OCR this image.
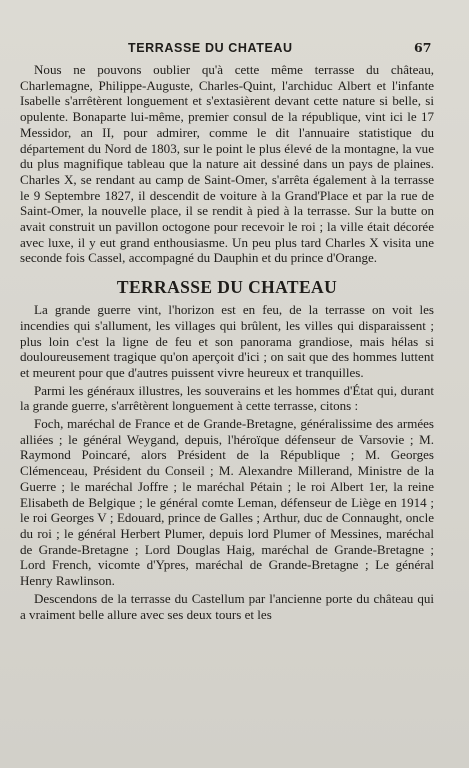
TERRASSE DU CHATEAU	67

Nous ne pouvons oublier qu'à cette même terrasse du château, Charlemagne, Philippe-Auguste, Charles-Quint, l'archiduc Albert et l'infante Isabelle s'arrêtèrent longuement et s'extasièrent devant cette nature si belle, si opulente. Bonaparte lui-même, premier consul de la république, vint ici le 17 Messidor, an II, pour admirer, comme le dit l'annuaire statistique du département du Nord de 1803, sur le point le plus élevé de la montagne, la vue du plus magnifique tableau que la nature ait dessiné dans un pays de plaines. Charles X, se rendant au camp de Saint-Omer, s'arrêta également à la terrasse le 9 Septembre 1827, il descendit de voiture à la Grand'Place et par la rue de Saint-Omer, la nouvelle place, il se rendit à pied à la terrasse. Sur la butte on avait construit un pavillon octogone pour recevoir le roi ; la ville était décorée avec luxe, il y eut grand enthousiasme. Un peu plus tard Charles X visita une seconde fois Cassel, accompagné du Dauphin et du prince d'Orange.

TERRASSE DU CHATEAU

La grande guerre vint, l'horizon est en feu, de la terrasse on voit les incendies qui s'allument, les villages qui brûlent, les villes qui disparaissent ; plus loin c'est la ligne de feu et son panorama grandiose, mais hélas si douloureusement tragique qu'on aperçoit d'ici ; on sait que des hommes luttent et meurent pour que d'autres puissent vivre heureux et tranquilles.

Parmi les généraux illustres, les souverains et les hommes d'État qui, durant la grande guerre, s'arrêtèrent longuement à cette terrasse, citons :

Foch, maréchal de France et de Grande-Bretagne, généralissime des armées alliées ; le général Weygand, depuis, l'héroïque défenseur de Varsovie ; M. Raymond Poincaré, alors Président de la République ; M. Georges Clémenceau, Président du Conseil ; M. Alexandre Millerand, Ministre de la Guerre ; le maréchal Joffre ; le maréchal Pétain ; le roi Albert 1er, la reine Elisabeth de Belgique ; le général comte Leman, défenseur de Liège en 1914 ; le roi Georges V ; Edouard, prince de Galles ; Arthur, duc de Connaught, oncle du roi ; le général Herbert Plumer, depuis lord Plumer of Messines, maréchal de Grande-Bretagne ; Lord Douglas Haig, maréchal de Grande-Bretagne ; Lord French, vicomte d'Ypres, maréchal de Grande-Bretagne ; Le général Henry Rawlinson.

Descendons de la terrasse du Castellum par l'ancienne porte du château qui a vraiment belle allure avec ses deux tours et les
